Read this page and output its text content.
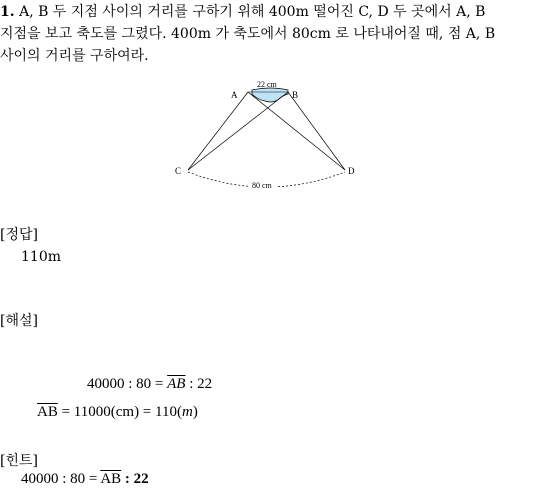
1. A, B 두 지점 사이의 거리를 구하기 위해 400m 떨어진 C, D 두 곳에서 A, B
지점을 보고 축도를 그렸다. 400m 가 축도에서 80cm 로 나타내어질 때, 점 A, B
사이의 거리를 구하여라.
22 cm
A	B
C	D
80 cm
[정답]
110m
[해설]
40000 : $80 = \overline{AB}$ : 22
$\overline{AB} = 11000(cm) = 110(m)$
[힌트]
40000 : $80 = \overline{AB}$ : 22
